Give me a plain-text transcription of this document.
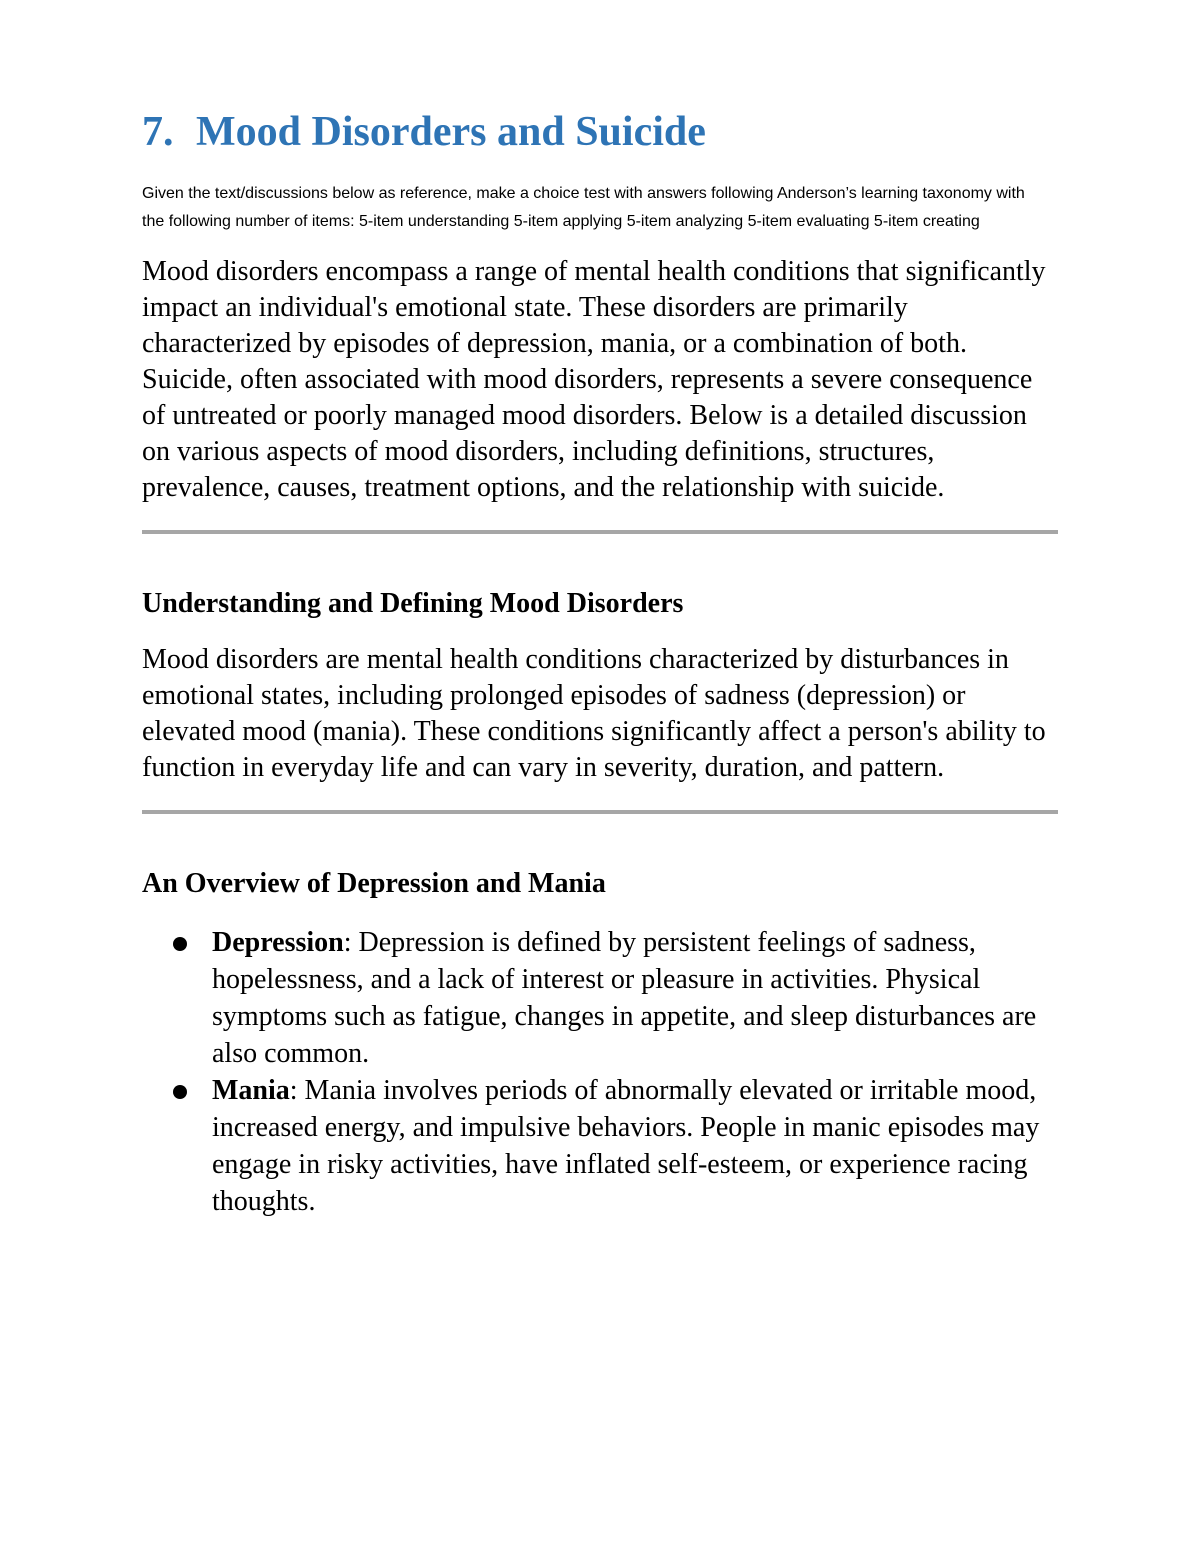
7. Mood Disorders and Suicide

Given the text/discussions below as reference, make a choice test with answers following Anderson’s learning taxonomy with the following number of items: 5-item understanding 5-item applying 5-item analyzing 5-item evaluating 5-item creating

Mood disorders encompass a range of mental health conditions that significantly impact an individual's emotional state. These disorders are primarily characterized by episodes of depression, mania, or a combination of both. Suicide, often associated with mood disorders, represents a severe consequence of untreated or poorly managed mood disorders. Below is a detailed discussion on various aspects of mood disorders, including definitions, structures, prevalence, causes, treatment options, and the relationship with suicide.

Understanding and Defining Mood Disorders

Mood disorders are mental health conditions characterized by disturbances in emotional states, including prolonged episodes of sadness (depression) or elevated mood (mania). These conditions significantly affect a person's ability to function in everyday life and can vary in severity, duration, and pattern.

An Overview of Depression and Mania
Depression: Depression is defined by persistent feelings of sadness, hopelessness, and a lack of interest or pleasure in activities. Physical symptoms such as fatigue, changes in appetite, and sleep disturbances are also common.
Mania: Mania involves periods of abnormally elevated or irritable mood, increased energy, and impulsive behaviors. People in manic episodes may engage in risky activities, have inflated self-esteem, or experience racing thoughts.
